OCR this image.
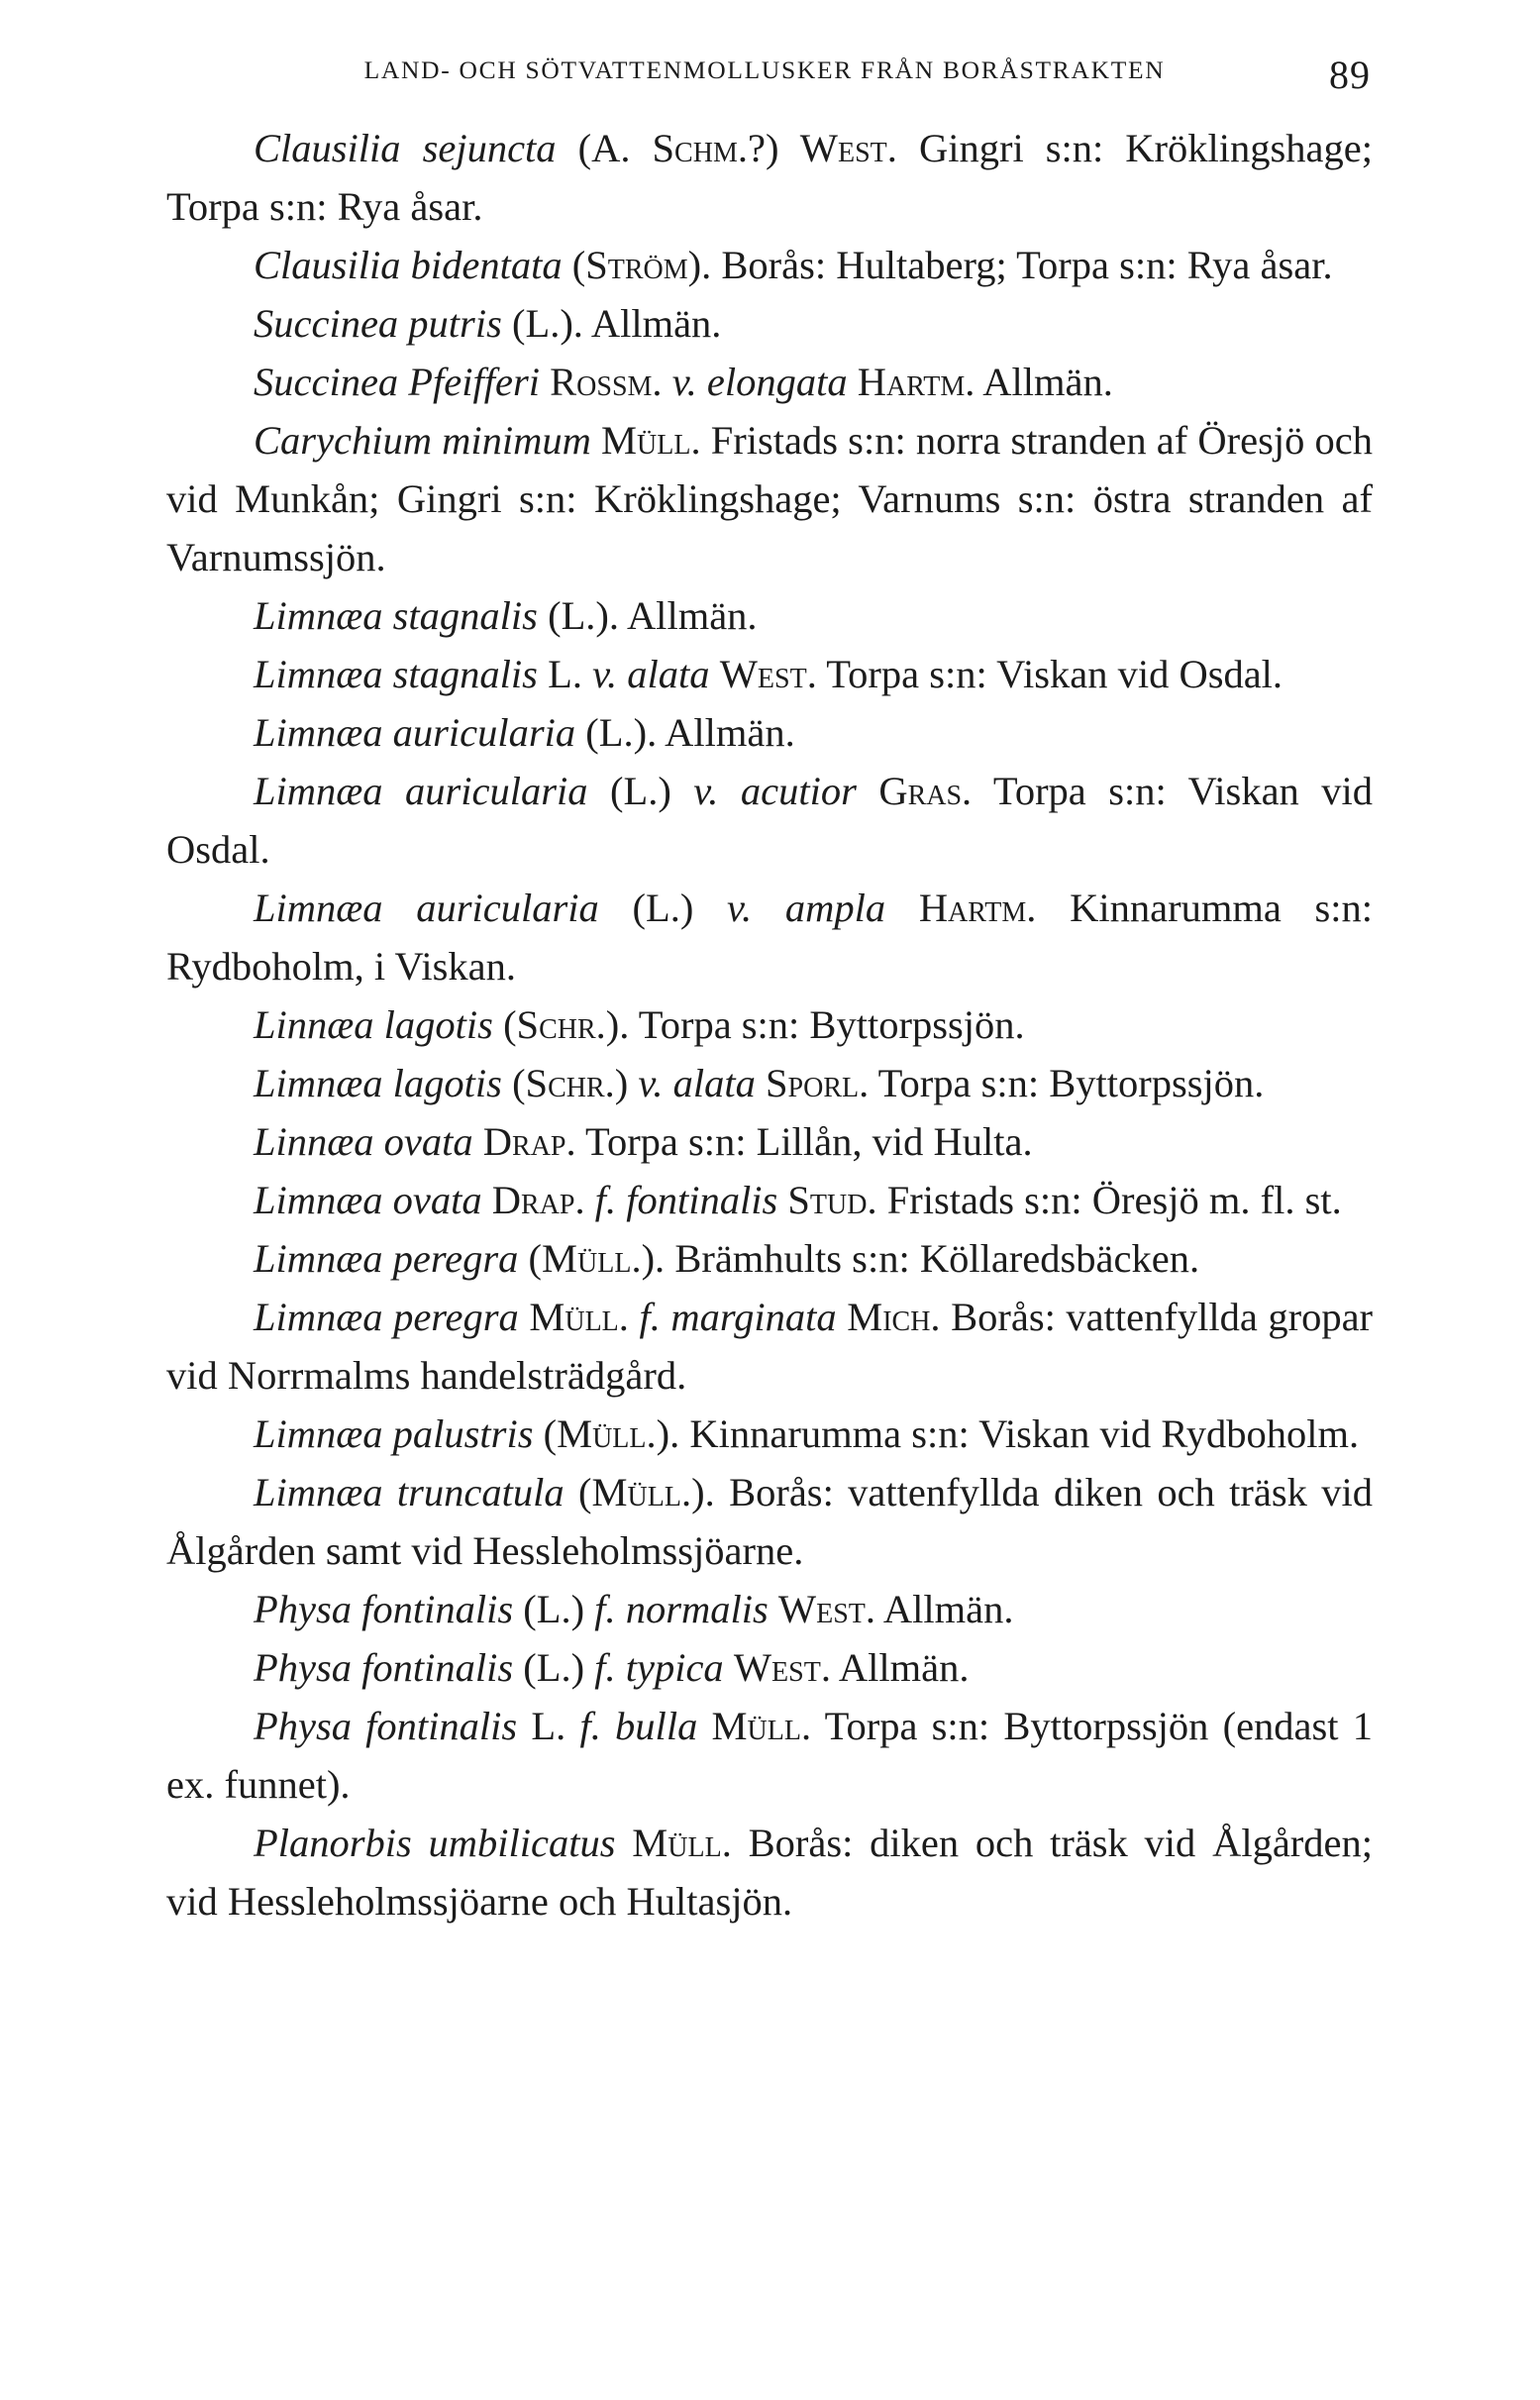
LAND- OCH SÖTVATTENMOLLUSKER FRÅN BORÅSTRAKTEN	89

Clausilia sejuncta (A. Schm.?) West. Gingri s:n: Kröklingshage; Torpa s:n: Rya åsar.

Clausilia bidentata (Ström). Borås: Hultaberg; Torpa s:n: Rya åsar.

Succinea putris (L.). Allmän.

Succinea Pfeifferi Rossm. v. elongata Hartm. Allmän.

Carychium minimum Müll. Fristads s:n: norra stranden af Öresjö och vid Munkån; Gingri s:n: Kröklingshage; Varnums s:n: östra stranden af Varnumssjön.

Limnæa stagnalis (L.). Allmän.

Limnæa stagnalis L. v. alata West. Torpa s:n: Viskan vid Osdal.

Limnæa auricularia (L.). Allmän.

Limnæa auricularia (L.) v. acutior Gras. Torpa s:n: Viskan vid Osdal.

Limnæa auricularia (L.) v. ampla Hartm. Kinnarumma s:n: Rydboholm, i Viskan.

Linnæa lagotis (Schr.). Torpa s:n: Byttorpssjön.

Limnæa lagotis (Schr.) v. alata Sporl. Torpa s:n: Byttorpssjön.

Linnæa ovata Drap. Torpa s:n: Lillån, vid Hulta.

Limnæa ovata Drap. f. fontinalis Stud. Fristads s:n: Öresjö m. fl. st.

Limnæa peregra (Müll.). Brämhults s:n: Köllaredsbäcken.

Limnæa peregra Müll. f. marginata Mich. Borås: vattenfyllda gropar vid Norrmalms handelsträdgård.

Limnæa palustris (Müll.). Kinnarumma s:n: Viskan vid Rydboholm.

Limnæa truncatula (Müll.). Borås: vattenfyllda diken och träsk vid Ålgården samt vid Hessleholmssjöarne.

Physa fontinalis (L.) f. normalis West. Allmän.

Physa fontinalis (L.) f. typica West. Allmän.

Physa fontinalis L. f. bulla Müll. Torpa s:n: Byttorpssjön (endast 1 ex. funnet).

Planorbis umbilicatus Müll. Borås: diken och träsk vid Ålgården; vid Hessleholmssjöarne och Hultasjön.
